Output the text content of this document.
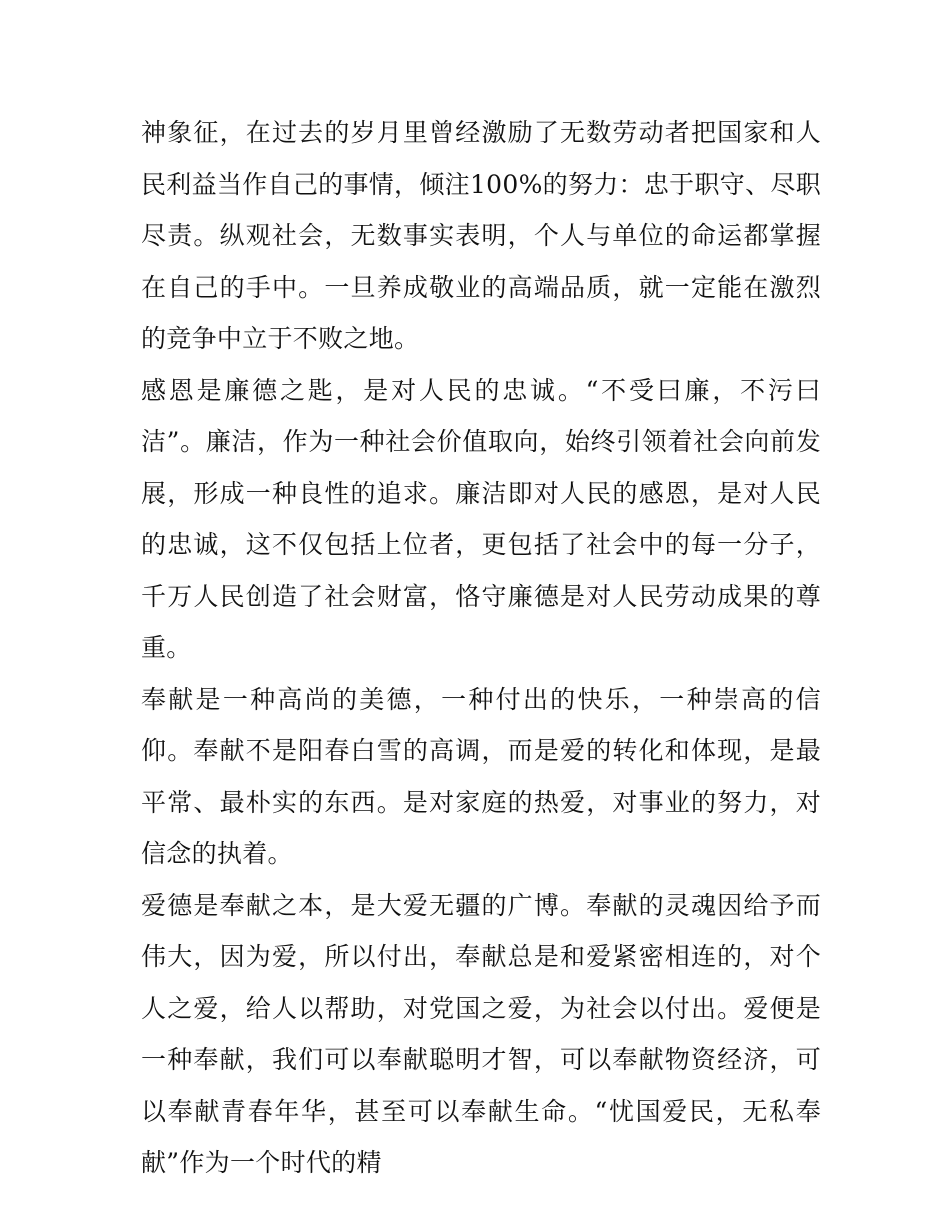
神象征，在过去的岁月里曾经激励了无数劳动者把国家和人民利益当作自己的事情，倾注100%的努力：忠于职守、尽职尽责。纵观社会，无数事实表明，个人与单位的命运都掌握在自己的手中。一旦养成敬业的高端品质，就一定能在激烈的竞争中立于不败之地。

感恩是廉德之匙，是对人民的忠诚。“不受曰廉，不污曰洁”。廉洁，作为一种社会价值取向，始终引领着社会向前发展，形成一种良性的追求。廉洁即对人民的感恩，是对人民的忠诚，这不仅包括上位者，更包括了社会中的每一分子，千万人民创造了社会财富，恪守廉德是对人民劳动成果的尊重。

奉献是一种高尚的美德，一种付出的快乐，一种崇高的信仰。奉献不是阳春白雪的高调，而是爱的转化和体现，是最平常、最朴实的东西。是对家庭的热爱，对事业的努力，对信念的执着。

爱德是奉献之本，是大爱无疆的广博。奉献的灵魂因给予而伟大，因为爱，所以付出，奉献总是和爱紧密相连的，对个人之爱，给人以帮助，对党国之爱，为社会以付出。爱便是一种奉献，我们可以奉献聪明才智，可以奉献物资经济，可以奉献青春年华，甚至可以奉献生命。“忧国爱民，无私奉献”作为一个时代的精
